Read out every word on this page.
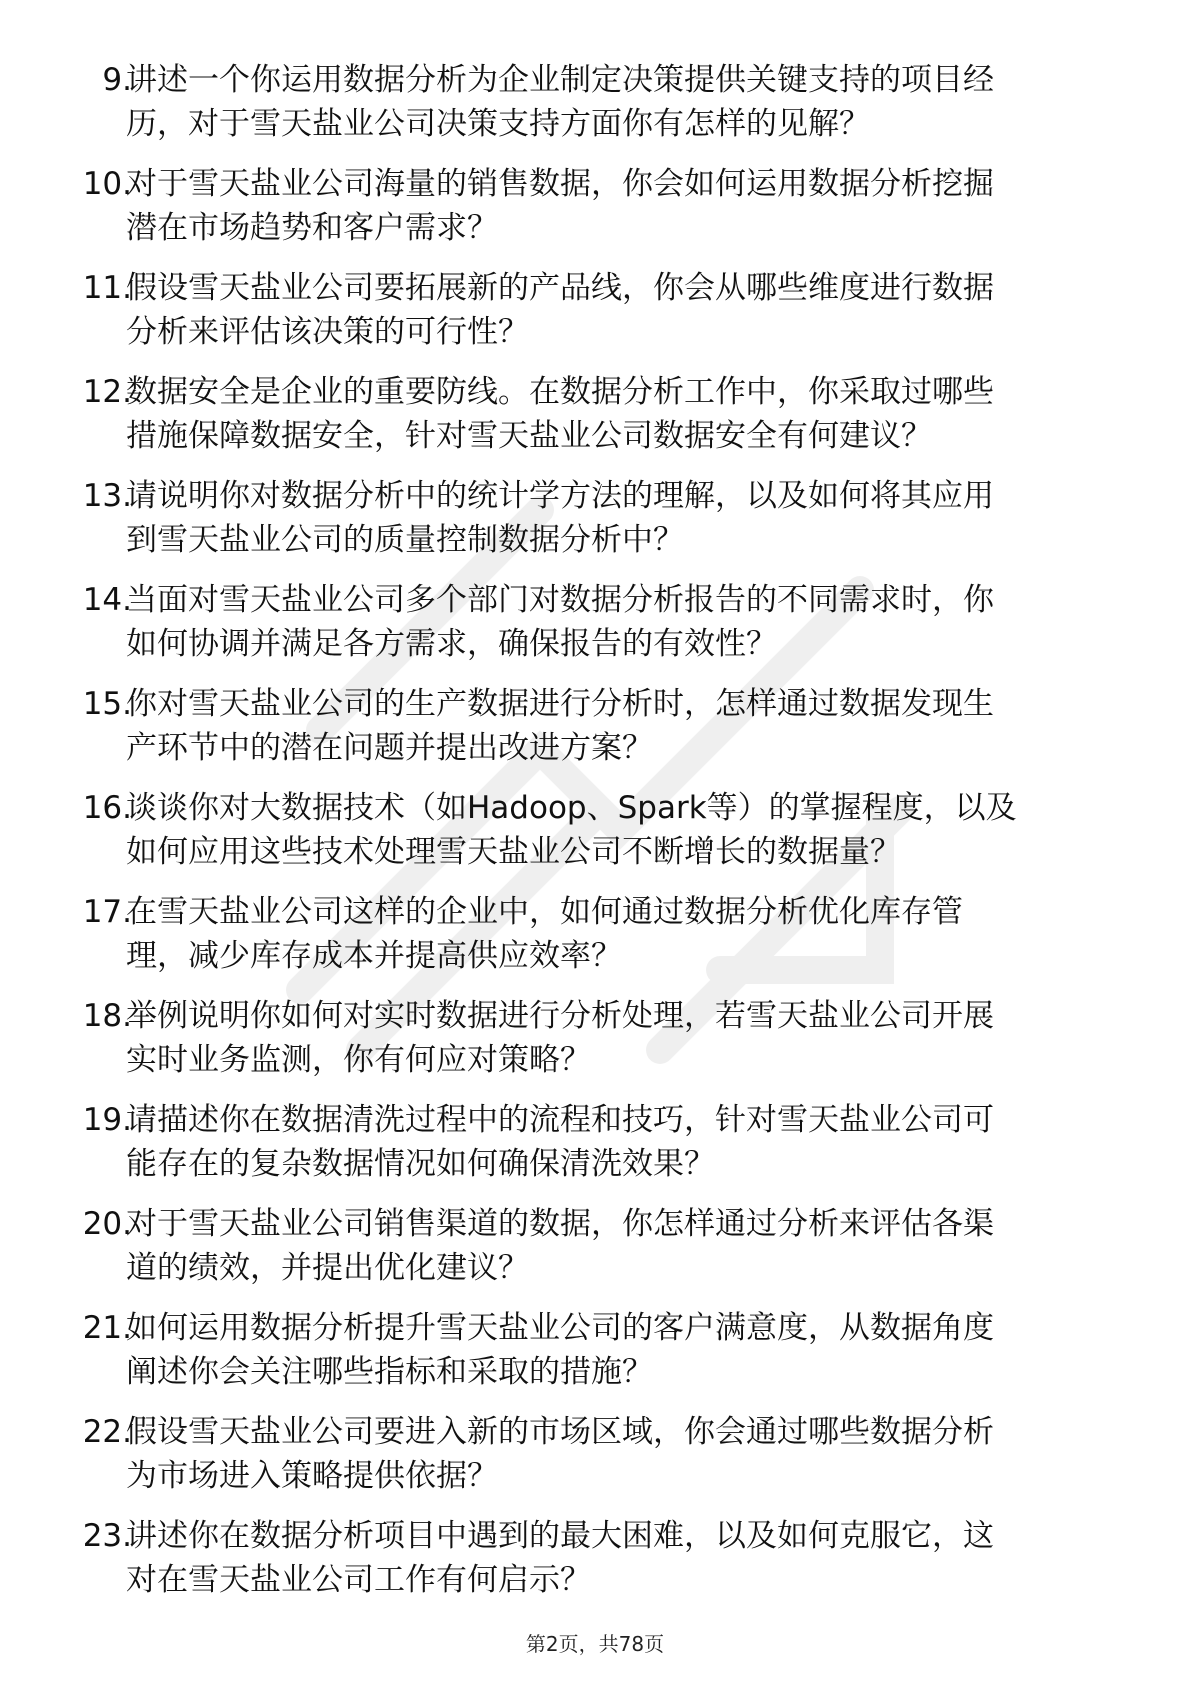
9.
讲述一个你运用数据分析为企业制定决策提供关键支持的项目经
历，对于雪天盐业公司决策支持方面你有怎样的见解？
10.
对于雪天盐业公司海量的销售数据，你会如何运用数据分析挖掘
潜在市场趋势和客户需求？
11.
假设雪天盐业公司要拓展新的产品线，你会从哪些维度进行数据
分析来评估该决策的可行性？
12.
数据安全是企业的重要防线。在数据分析工作中，你采取过哪些
措施保障数据安全，针对雪天盐业公司数据安全有何建议？
13.
请说明你对数据分析中的统计学方法的理解，以及如何将其应用
到雪天盐业公司的质量控制数据分析中？
14.
当面对雪天盐业公司多个部门对数据分析报告的不同需求时，你
如何协调并满足各方需求，确保报告的有效性？
15.
你对雪天盐业公司的生产数据进行分析时，怎样通过数据发现生
产环节中的潜在问题并提出改进方案？
16.
谈谈你对大数据技术（如Hadoop、Spark等）的掌握程度，以及
如何应用这些技术处理雪天盐业公司不断增长的数据量？
17.
在雪天盐业公司这样的企业中，如何通过数据分析优化库存管
理，减少库存成本并提高供应效率？
18.
举例说明你如何对实时数据进行分析处理，若雪天盐业公司开展
实时业务监测，你有何应对策略？
19.
请描述你在数据清洗过程中的流程和技巧，针对雪天盐业公司可
能存在的复杂数据情况如何确保清洗效果？
20.
对于雪天盐业公司销售渠道的数据，你怎样通过分析来评估各渠
道的绩效，并提出优化建议？
21.
如何运用数据分析提升雪天盐业公司的客户满意度，从数据角度
阐述你会关注哪些指标和采取的措施？
22.
假设雪天盐业公司要进入新的市场区域，你会通过哪些数据分析
为市场进入策略提供依据？
23.
讲述你在数据分析项目中遇到的最大困难，以及如何克服它，这
对在雪天盐业公司工作有何启示？
第2页，共78页
